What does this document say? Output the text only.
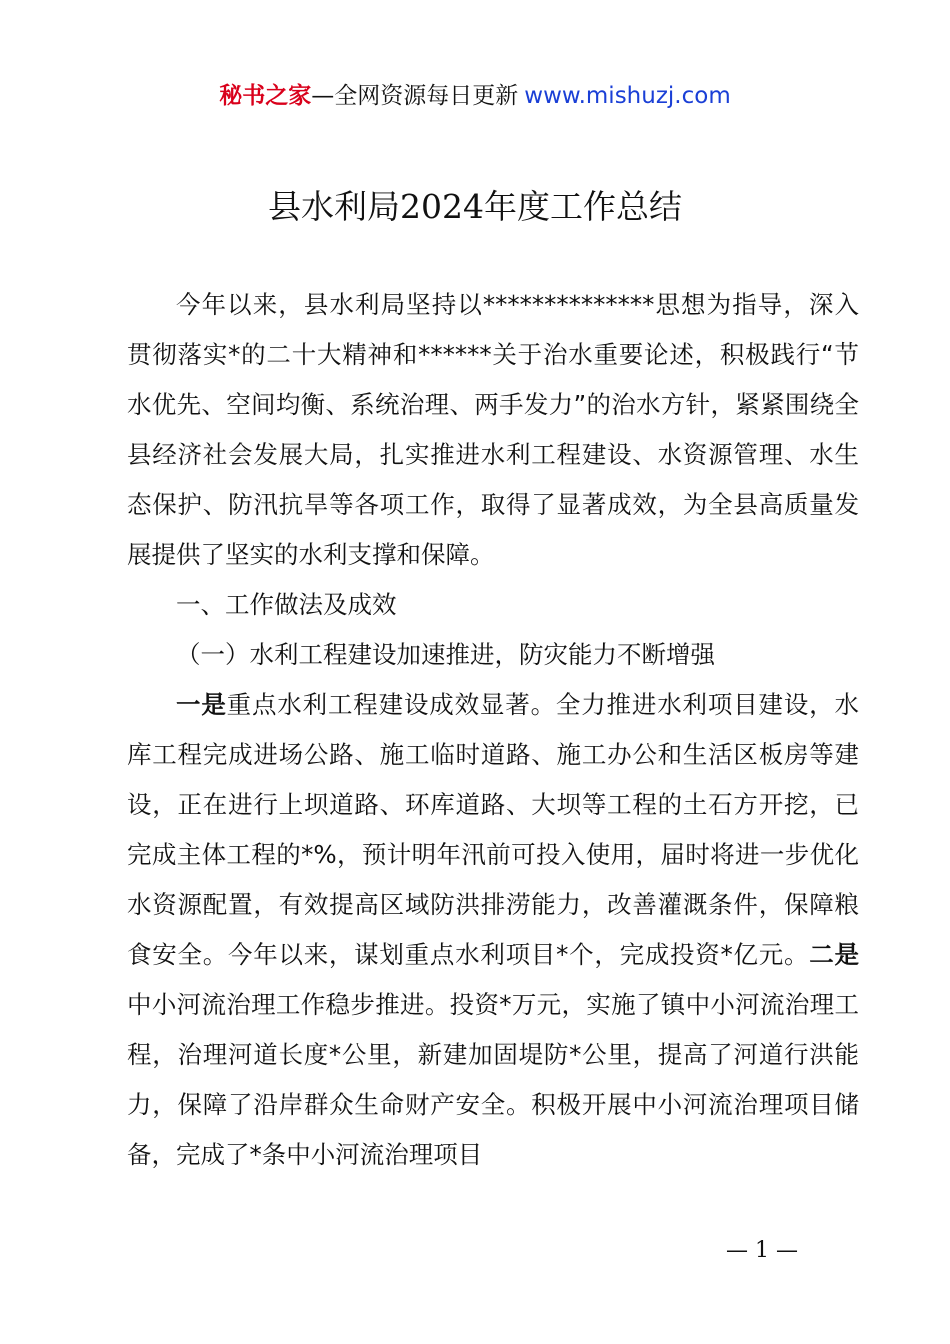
秘书之家—全网资源每日更新 www.mishuzj.com
县水利局2024年度工作总结

今年以来，县水利局坚持以**************思想为指导，深入贯彻落实*的二十大精神和******关于治水重要论述，积极践行“节水优先、空间均衡、系统治理、两手发力”的治水方针，紧紧围绕全县经济社会发展大局，扎实推进水利工程建设、水资源管理、水生态保护、防汛抗旱等各项工作，取得了显著成效，为全县高质量发展提供了坚实的水利支撑和保障。

一、工作做法及成效

（一）水利工程建设加速推进，防灾能力不断增强

一是重点水利工程建设成效显著。全力推进水利项目建设，水库工程完成进场公路、施工临时道路、施工办公和生活区板房等建设，正在进行上坝道路、环库道路、大坝等工程的土石方开挖，已完成主体工程的*%，预计明年汛前可投入使用，届时将进一步优化水资源配置，有效提高区域防洪排涝能力，改善灌溉条件，保障粮食安全。今年以来，谋划重点水利项目*个，完成投资*亿元。二是中小河流治理工作稳步推进。投资*万元，实施了镇中小河流治理工程，治理河道长度*公里，新建加固堤防*公里，提高了河道行洪能力，保障了沿岸群众生命财产安全。积极开展中小河流治理项目储备，完成了*条中小河流治理项目

— 1 —
